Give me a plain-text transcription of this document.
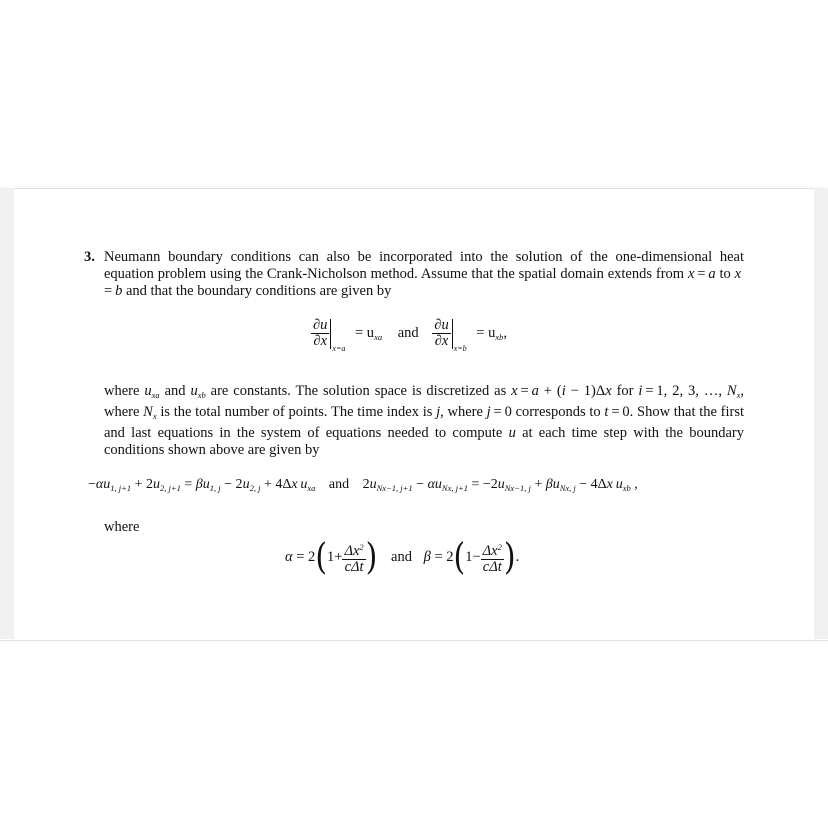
3. Neumann boundary conditions can also be incorporated into the solution of the one-dimensional heat equation problem using the Crank-Nicholson method. Assume that the spatial domain extends from x = a to x = b and that the boundary conditions are given by
$\frac{\partial u}{\partial x} _{x=a} = u_{xa}$ and $\frac{\partial u}{\partial x} _{x=b} = u_{xb}$,
where $u_{xa}$ and $u_{xb}$ are constants. The solution space is discretized as x = a + (i − 1)Δx for i = 1, 2, 3, …, $N_x$, where $N_x$ is the total number of points. The time index is j, where j = 0 corresponds to t = 0. Show that the first and last equations in the system of equations needed to compute u at each time step with the boundary conditions shown above are given by
$-\alpha u_{1, j+1} + 2u_{2, j+1} = \beta u_{1, j} - 2u_{2, j} + 4\Delta x$  $u_{xa}$ and $2u_{Nx-1, j+1} - \alpha u_{Nx, j+1} = -2u_{Nx-1, j} + \beta u_{Nx, j} - 4\Delta x$  $u_{xb}$ ,
where
$\alpha = 2(1+ \frac{\Delta x^2}{\text{cΔt}}$ ) and $\beta = 2(1- \frac{\Delta x^2}{\text{cΔt}}$ ).
